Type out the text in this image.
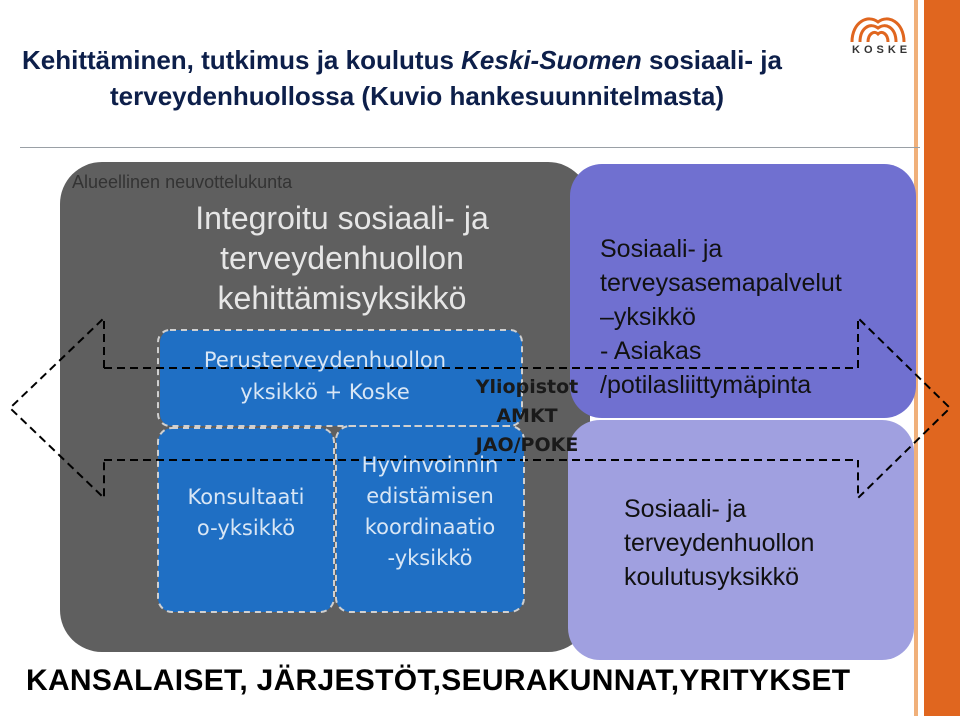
KOSKE
Kehittäminen, tutkimus ja koulutus Keski-Suomen sosiaali- ja
terveydenhuollossa (Kuvio hankesuunnitelmasta)
Alueellinen neuvottelukunta
Integroitu sosiaali- ja
terveydenhuollon
kehittämisyksikkö
Perusterveydenhuollon
yksikkö + Koske
Konsultaati
o-yksikkö
Hyvinvoinnin
edistämisen
koordinaatio
-yksikkö
Yliopistot
AMKT
JAO/POKE
Sosiaali- ja
terveysasemapalvelut
–yksikkö
- Asiakas
/potilasliittymäpinta
Sosiaali- ja
terveydenhuollon
koulutusyksikkö
KANSALAISET, JÄRJESTÖT,SEURAKUNNAT,YRITYKSET
